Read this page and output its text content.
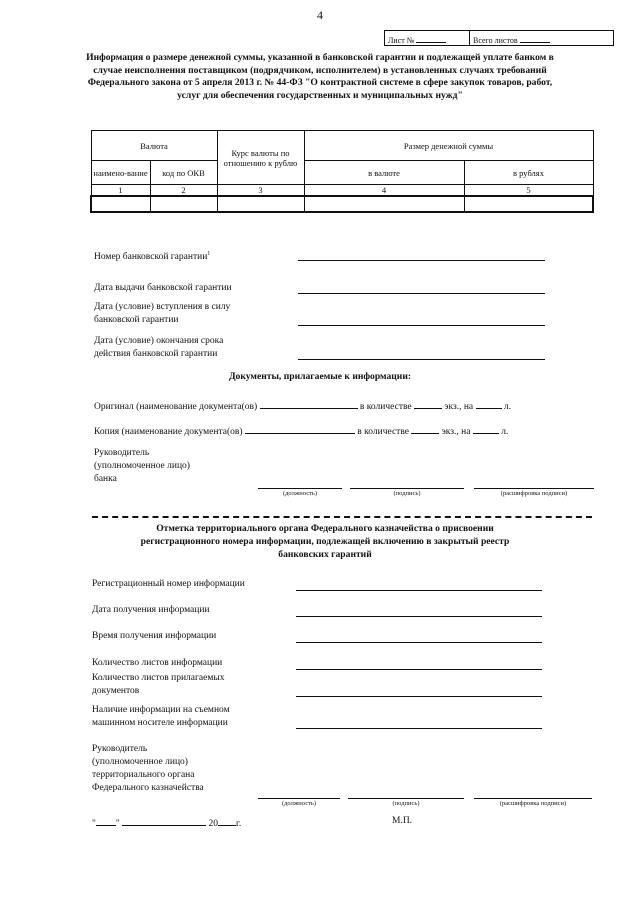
4
Лист №	Всего листов
Информация о размере денежной суммы, указанной в банковской гарантии и подлежащей уплате банком в случае неисполнения поставщиком (подрядчиком, исполнителем) в установленных случаях требований Федерального закона от 5 апреля 2013 г. № 44-ФЗ "О контрактной системе в сфере закупок товаров, работ, услуг для обеспечения государственных и муниципальных нужд"
Валюта		Курс валюты по отношению к рублю	Размер денежной суммы	
наимено-вание	код по ОКВ		в валюте	в рублях
1	2	3	4	5

Номер банковской гарантии$^1$
Дата выдачи банковской гарантии
Дата (условие) вступления в силу
банковской гарантии
Дата (условие) окончания срока
действия банковской гарантии
Документы, прилагаемые к информации:
Оригинал (наименование документа(ов)	в количестве	экз., на	л.
Копия (наименование документа(ов)	в количестве	экз., на	л.
Руководитель
(уполномоченное лицо)
банка
(должность)	(подпись)	(расшифровка подписи)
Отметка территориального органа Федерального казначейства о присвоении регистрационного номера информации, подлежащей включению в закрытый реестр банковских гарантий
Регистрационный номер информации
Дата получения информации
Время получения информации
Количество листов информации
Количество листов прилагаемых
документов
Наличие информации на съемном
машинном носителе информации
Руководитель
(уполномоченное лицо)
территориального органа
Федерального казначейства
(должность)	(подпись)	(расшифровка подписи)
" "	20 г.	М.П.
